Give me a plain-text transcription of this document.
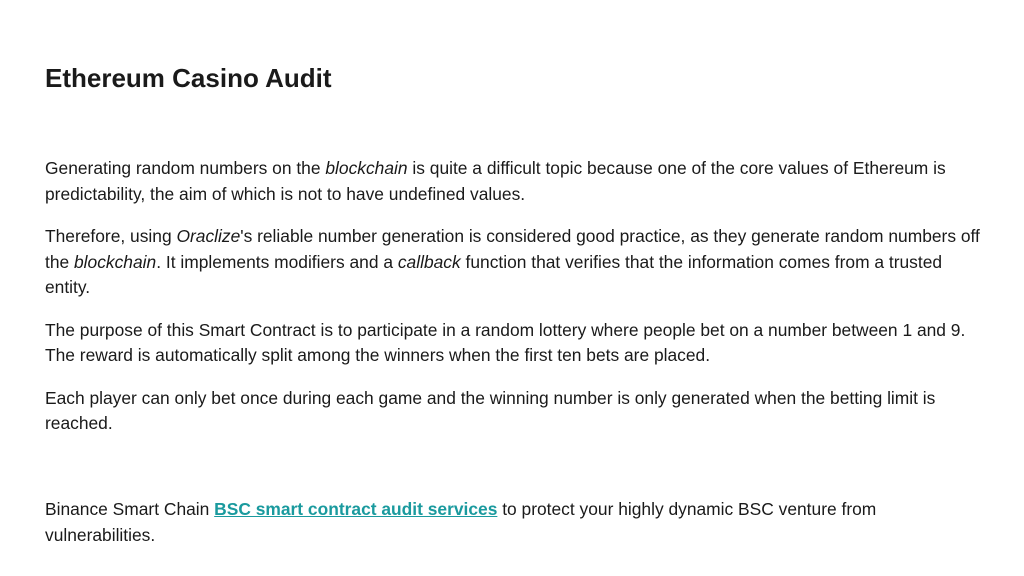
Ethereum Casino Audit

Generating random numbers on the blockchain is quite a difficult topic because one of the core values of Ethereum is predictability, the aim of which is not to have undefined values.

Therefore, using Oraclize's reliable number generation is considered good practice, as they generate random numbers off the blockchain. It implements modifiers and a callback function that verifies that the information comes from a trusted entity.

The purpose of this Smart Contract is to participate in a random lottery where people bet on a number between 1 and 9. The reward is automatically split among the winners when the first ten bets are placed.

Each player can only bet once during each game and the winning number is only generated when the betting limit is reached.

Binance Smart Chain BSC smart contract audit services to protect your highly dynamic BSC venture from vulnerabilities.
